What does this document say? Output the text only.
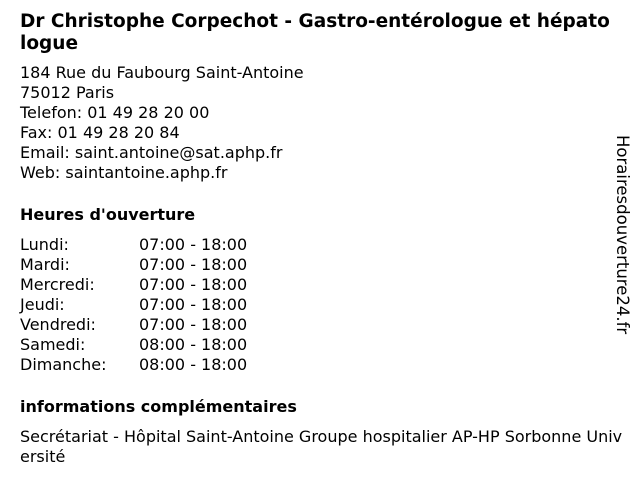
Dr Christophe Corpechot - Gastro-entérologue et hépatologue
184 Rue du Faubourg Saint-Antoine
75012 Paris
Telefon: 01 49 28 20 00
Fax: 01 49 28 20 84
Email: saint.antoine@sat.aphp.fr
Web: saintantoine.aphp.fr
Heures d'ouverture
Lundi:	07:00 - 18:00
Mardi:	07:00 - 18:00
Mercredi:	07:00 - 18:00
Jeudi:	07:00 - 18:00
Vendredi:	07:00 - 18:00
Samedi:	08:00 - 18:00
Dimanche:	08:00 - 18:00
informations complémentaires
Secrétariat - Hôpital Saint-Antoine Groupe hospitalier AP-HP Sorbonne Université
Horairesdouverture24.fr
